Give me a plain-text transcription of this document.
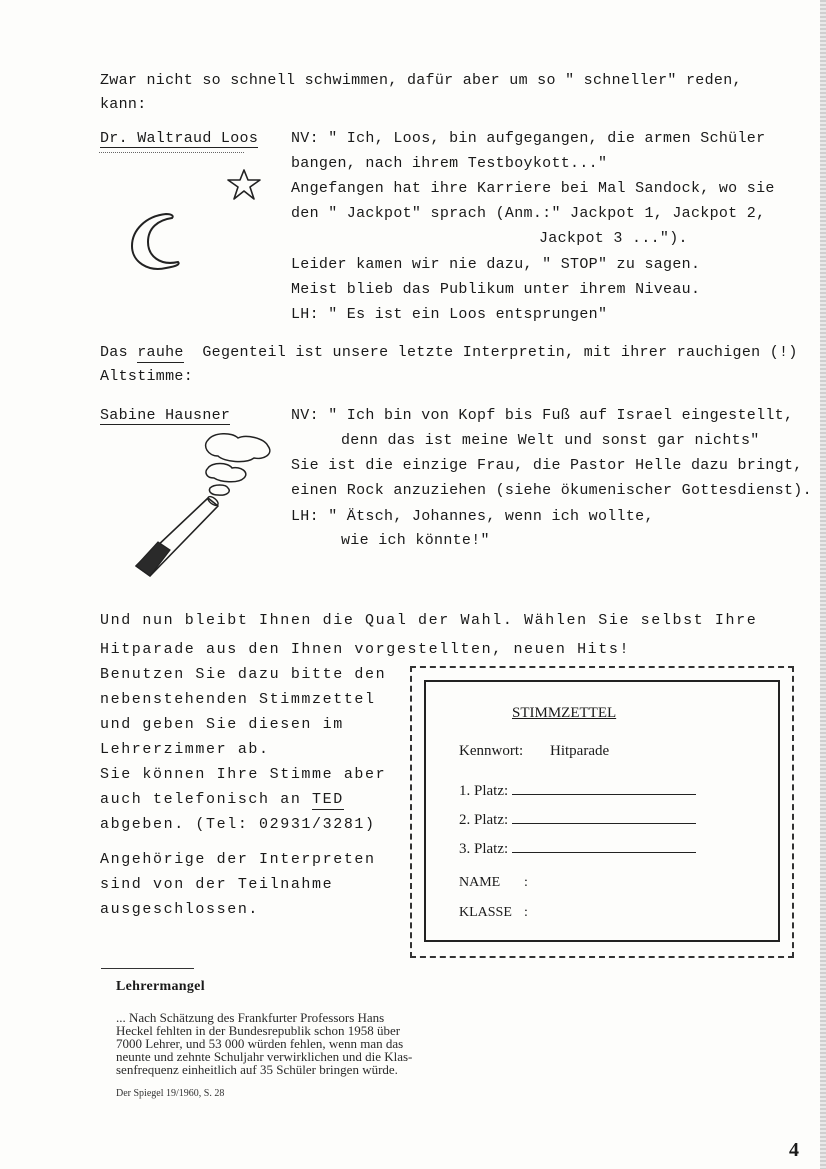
Zwar nicht so schnell schwimmen, dafür aber um so " schneller" reden,
kann:
Dr. Waltraud Loos NV: " Ich, Loos, bin aufgegangen, die armen Schüler
bangen, nach ihrem Testboykott..."
Angefangen hat ihre Karriere bei Mal Sandock, wo sie
den " Jackpot" sprach (Anm.:" Jackpot 1, Jackpot 2,
Jackpot 3 ...").
Leider kamen wir nie dazu, " STOP" zu sagen.
Meist blieb das Publikum unter ihrem Niveau.
LH: " Es ist ein Loos entsprungen"
Das rauhe  Gegenteil ist unsere letzte Interpretin, mit ihrer rauchigen (!)
Altstimme:
Sabine Hausner	NV: " Ich bin von Kopf bis Fuß auf Israel eingestellt,
denn das ist meine Welt und sonst gar nichts"
Sie ist die einzige Frau, die Pastor Helle dazu bringt,
einen Rock anzuziehen (siehe ökumenischer Gottesdienst).
LH: " Ätsch, Johannes, wenn ich wollte,
wie ich könnte!"
Und nun bleibt Ihnen die Qual der Wahl. Wählen Sie selbst Ihre
Hitparade aus den Ihnen vorgestellten, neuen Hits!
Benutzen Sie dazu bitte den
nebenstehenden Stimmzettel
und geben Sie diesen im
Lehrerzimmer ab.
Sie können Ihre Stimme aber
auch telefonisch an TED
abgeben. (Tel: 02931/3281)
Angehörige der Interpreten
sind von der Teilnahme
ausgeschlossen.
STIMMZETTEL
Kennwort: Hitparade
1. Platz:
2. Platz:
3. Platz:
NAME :
KLASSE :
Lehrermangel
... Nach Schätzung des Frankfurter Professors Hans
Heckel fehlten in der Bundesrepublik schon 1958 über
7000 Lehrer, und 53 000 würden fehlen, wenn man das
neunte und zehnte Schuljahr verwirklichen und die Klas-
senfrequenz einheitlich auf 35 Schüler bringen würde.
Der Spiegel 19/1960, S. 28
4
